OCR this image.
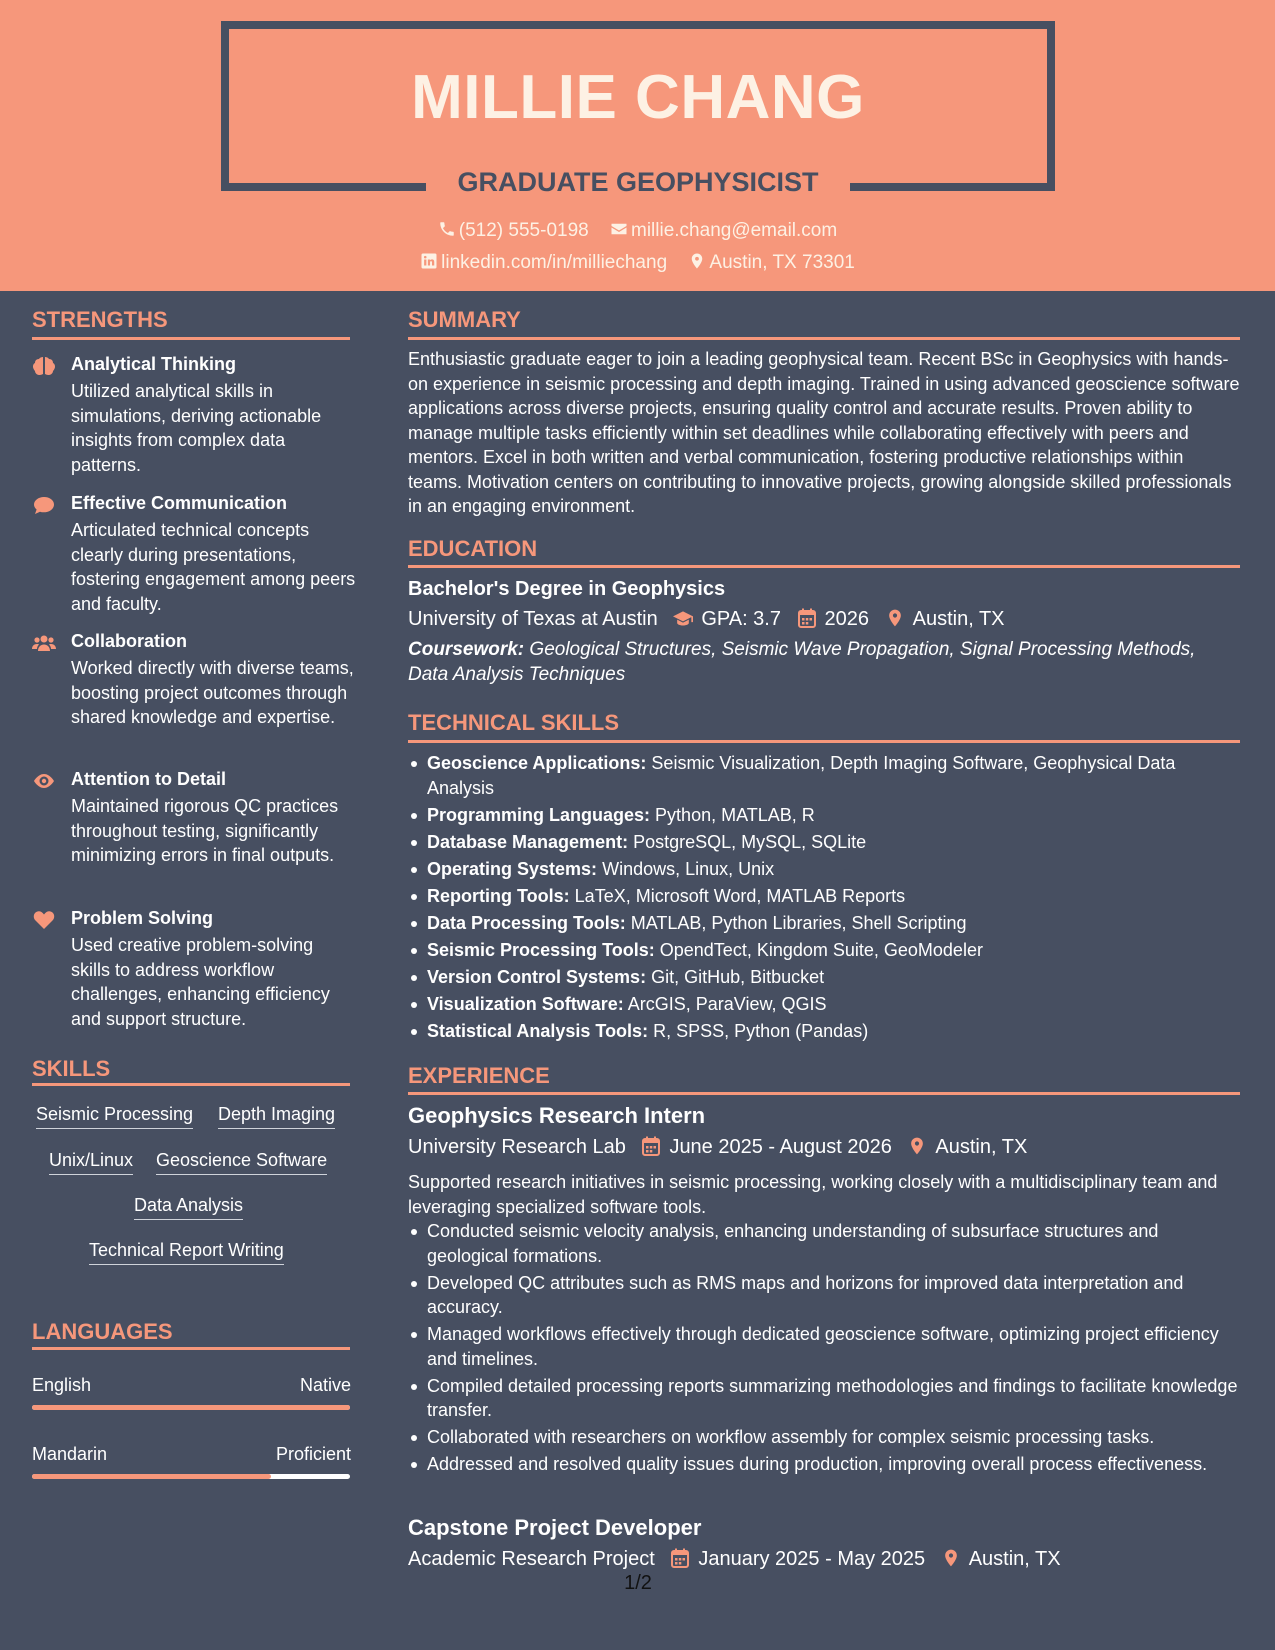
MILLIE CHANG
GRADUATE GEOPHYSICIST
(512) 555-0198 millie.chang@email.com
linkedin.com/in/milliechang Austin, TX 73301
STRENGTHS
Analytical Thinking
Utilized analytical skills in simulations, deriving actionable insights from complex data patterns.
Effective Communication
Articulated technical concepts clearly during presentations, fostering engagement among peers and faculty.
Collaboration
Worked directly with diverse teams, boosting project outcomes through shared knowledge and expertise.
Attention to Detail
Maintained rigorous QC practices throughout testing, significantly minimizing errors in final outputs.
Problem Solving
Used creative problem-solving skills to address workflow challenges, enhancing efficiency and support structure.
SKILLS
Seismic Processing Depth Imaging
Unix/Linux Geoscience Software
Data Analysis
Technical Report Writing
LANGUAGES
English	Native
Mandarin	Proficient
SUMMARY
Enthusiastic graduate eager to join a leading geophysical team. Recent BSc in Geophysics with hands-on experience in seismic processing and depth imaging. Trained in using advanced geoscience software applications across diverse projects, ensuring quality control and accurate results. Proven ability to manage multiple tasks efficiently within set deadlines while collaborating effectively with peers and mentors. Excel in both written and verbal communication, fostering productive relationships within teams. Motivation centers on contributing to innovative projects, growing alongside skilled professionals in an engaging environment.
EDUCATION
Bachelor's Degree in Geophysics
University of Texas at Austin GPA: 3.7 2026 Austin, TX
Coursework: Geological Structures, Seismic Wave Propagation, Signal Processing Methods, Data Analysis Techniques
TECHNICAL SKILLS
Geoscience Applications: Seismic Visualization, Depth Imaging Software, Geophysical Data Analysis
Programming Languages: Python, MATLAB, R
Database Management: PostgreSQL, MySQL, SQLite
Operating Systems: Windows, Linux, Unix
Reporting Tools: LaTeX, Microsoft Word, MATLAB Reports
Data Processing Tools: MATLAB, Python Libraries, Shell Scripting
Seismic Processing Tools: OpendTect, Kingdom Suite, GeoModeler
Version Control Systems: Git, GitHub, Bitbucket
Visualization Software: ArcGIS, ParaView, QGIS
Statistical Analysis Tools: R, SPSS, Python (Pandas)
EXPERIENCE
Geophysics Research Intern
University Research Lab June 2025 - August 2026 Austin, TX
Supported research initiatives in seismic processing, working closely with a multidisciplinary team and leveraging specialized software tools.
Conducted seismic velocity analysis, enhancing understanding of subsurface structures and geological formations.
Developed QC attributes such as RMS maps and horizons for improved data interpretation and accuracy.
Managed workflows effectively through dedicated geoscience software, optimizing project efficiency and timelines.
Compiled detailed processing reports summarizing methodologies and findings to facilitate knowledge transfer.
Collaborated with researchers on workflow assembly for complex seismic processing tasks.
Addressed and resolved quality issues during production, improving overall process effectiveness.
Capstone Project Developer
Academic Research Project January 2025 - May 2025 Austin, TX
1/2
